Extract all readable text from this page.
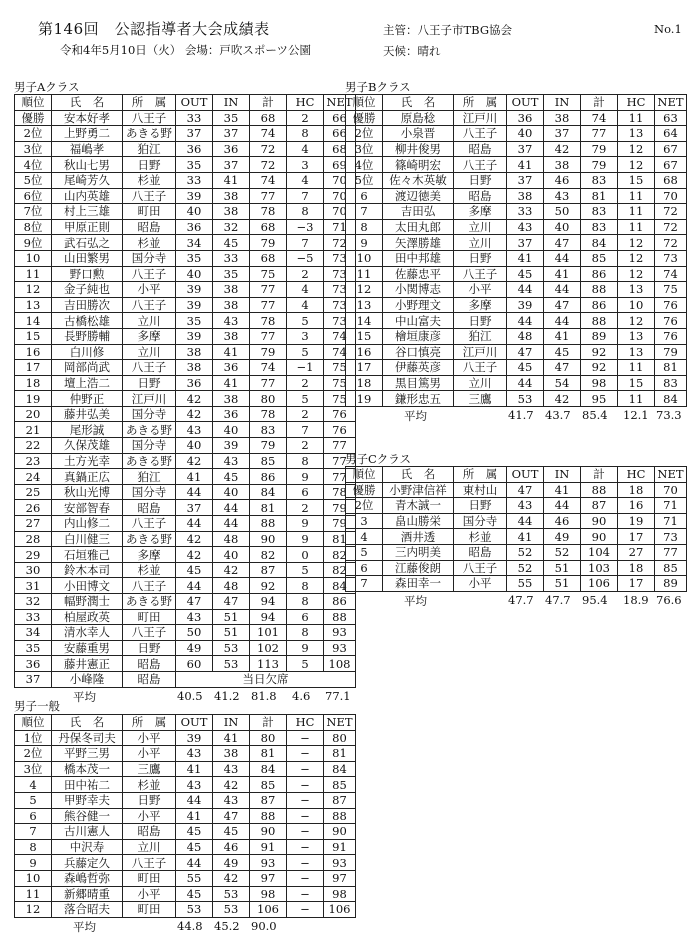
第146回　公認指導者大会成績表
令和4年5月10日（火） 会場：戸吹スポーツ公園
主管：八王子市TBG協会
天候：晴れ
No.1
男子Aクラス
順位	氏　名	所　属	OUT	IN	計	HC	NET
優勝	安本好孝	八王子	33	35	68	2	66
2位	上野勇二	あきる野	37	37	74	8	66
3位	福嶋孝	狛江	36	36	72	4	68
4位	秋山七男	日野	35	37	72	3	69
5位	尾崎芳久	杉並	33	41	74	4	70
6位	山内英雄	八王子	39	38	77	7	70
7位	村上三雄	町田	40	38	78	8	70
8位	甲原正則	昭島	36	32	68	−3	71
9位	武石弘之	杉並	34	45	79	7	72
10	山田繁男	国分寺	35	33	68	−5	73
11	野口勲	八王子	40	35	75	2	73
12	金子純也	小平	39	38	77	4	73
13	吉田勝次	八王子	39	38	77	4	73
14	古橋松雄	立川	35	43	78	5	73
15	長野勝輔	多摩	39	38	77	3	74
16	白川修	立川	38	41	79	5	74
17	岡部尚武	八王子	38	36	74	−1	75
18	壇上浩二	日野	36	41	77	2	75
19	仲野正	江戸川	42	38	80	5	75
20	藤井弘美	国分寺	42	36	78	2	76
21	尾形誠	あきる野	43	40	83	7	76
22	久保茂雄	国分寺	40	39	79	2	77
23	土方光幸	あきる野	42	43	85	8	77
24	真鍋正広	狛江	41	45	86	9	77
25	秋山光博	国分寺	44	40	84	6	78
26	安部智春	昭島	37	44	81	2	79
27	内山修二	八王子	44	44	88	9	79
28	白川健三	あきる野	42	48	90	9	81
29	石垣雅己	多摩	42	40	82	0	82
30	鈴木本司	杉並	45	42	87	5	82
31	小田博文	八王子	44	48	92	8	84
32	幅野潤士	あきる野	47	47	94	8	86
33	柏屋政英	町田	43	51	94	6	88
34	清水幸人	八王子	50	51	101	8	93
35	安藤重男	日野	49	53	102	9	93
36	藤井憲正	昭島	60	53	113	5	108
37	小峰隆	昭島	当日欠席				
平均	40.5 41.2 81.8 4.6 77.1
男子一般
順位	氏　名	所　属	OUT	IN	計	HC	NET
1位	丹保冬司夫	小平	39	41	80	−	80
2位	平野三男	小平	43	38	81	−	81
3位	橋本茂一	三鷹	41	43	84	−	84
4	田中祐二	杉並	43	42	85	−	85
5	甲野幸夫	日野	44	43	87	−	87
6	熊谷健一	小平	41	47	88	−	88
7	古川憲人	昭島	45	45	90	−	90
8	中沢寿	立川	45	46	91	−	91
9	兵藤定久	八王子	44	49	93	−	93
10	森嶋哲弥	町田	55	42	97	−	97
11	新郷晴重	小平	45	53	98	−	98
12	落合昭夫	町田	53	53	106	−	106
平均	44.8 45.2 90.0
男子Bクラス
順位	氏　名	所　属	OUT	IN	計	HC	NET
優勝	原島稔	江戸川	36	38	74	11	63
2位	小泉晋	八王子	40	37	77	13	64
3位	柳井俊男	昭島	37	42	79	12	67
4位	篠崎明宏	八王子	41	38	79	12	67
5位	佐々木英敏	日野	37	46	83	15	68
6	渡辺徳美	昭島	38	43	81	11	70
7	吉田弘	多摩	33	50	83	11	72
8	太田丸郎	立川	43	40	83	11	72
9	矢澤勝雄	立川	37	47	84	12	72
10	田中邦雄	日野	41	44	85	12	73
11	佐藤忠平	八王子	45	41	86	12	74
12	小関博志	小平	44	44	88	13	75
13	小野理文	多摩	39	47	86	10	76
14	中山富夫	日野	44	44	88	12	76
15	檜垣康彦	狛江	48	41	89	13	76
16	谷口慎亮	江戸川	47	45	92	13	79
17	伊藤英彦	八王子	45	47	92	11	81
18	黒目篤男	立川	44	54	98	15	83
19	鎌形忠五	三鷹	53	42	95	11	84
平均	41.7 43.7 85.4 12.1 73.3
男子Cクラス
順位	氏　名	所　属	OUT	IN	計	HC	NET
優勝	小野津信祥	東村山	47	41	88	18	70
2位	青木誠一	日野	43	44	87	16	71
3	畠山勝栄	国分寺	44	46	90	19	71
4	酒井透	杉並	41	49	90	17	73
5	三内明美	昭島	52	52	104	27	77
6	江藤俊朗	八王子	52	51	103	18	85
7	森田幸一	小平	55	51	106	17	89
平均	47.7 47.7 95.4 18.9 76.6
